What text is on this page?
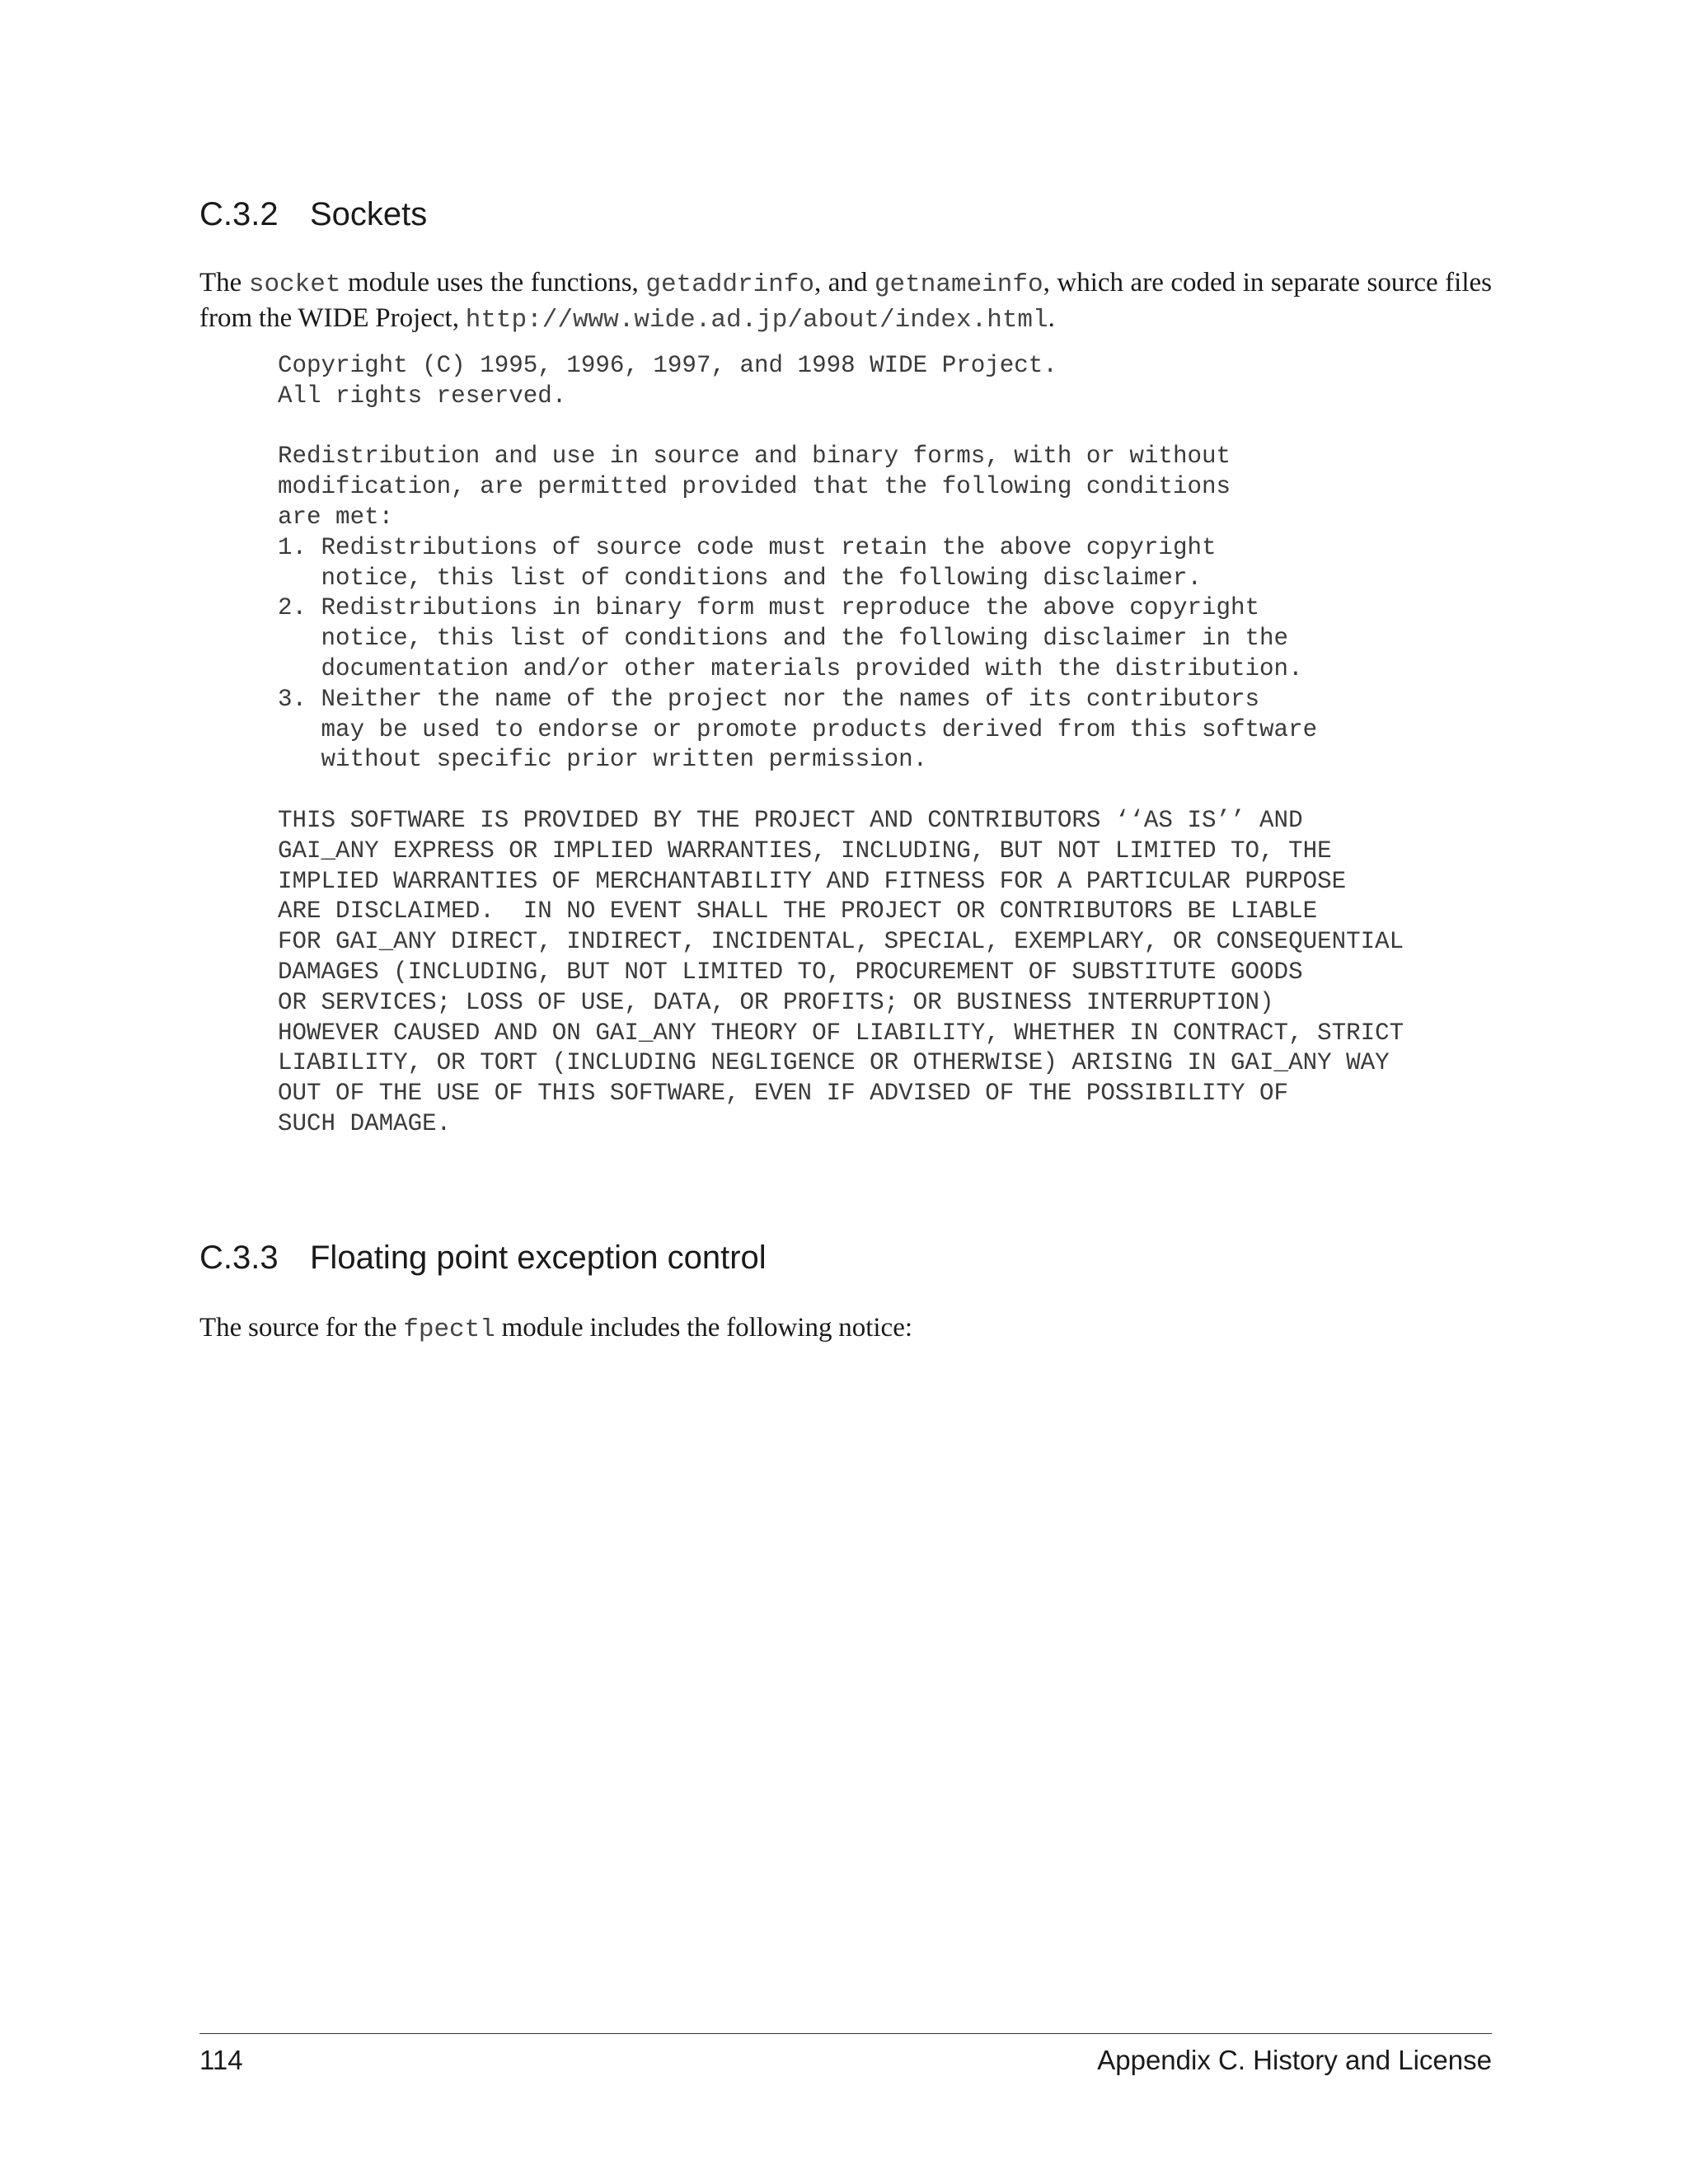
C.3.2 Sockets

The socket module uses the functions, getaddrinfo, and getnameinfo, which are coded in separate source files from the WIDE Project, http://www.wide.ad.jp/about/index.html.

Copyright (C) 1995, 1996, 1997, and 1998 WIDE Project.
All rights reserved.

Redistribution and use in source and binary forms, with or without
modification, are permitted provided that the following conditions
are met:
1. Redistributions of source code must retain the above copyright
notice, this list of conditions and the following disclaimer.
2. Redistributions in binary form must reproduce the above copyright
notice, this list of conditions and the following disclaimer in the
documentation and/or other materials provided with the distribution.
3. Neither the name of the project nor the names of its contributors
may be used to endorse or promote products derived from this software
without specific prior written permission.

THIS SOFTWARE IS PROVIDED BY THE PROJECT AND CONTRIBUTORS ‘‘AS IS’’ AND
GAI_ANY EXPRESS OR IMPLIED WARRANTIES, INCLUDING, BUT NOT LIMITED TO, THE
IMPLIED WARRANTIES OF MERCHANTABILITY AND FITNESS FOR A PARTICULAR PURPOSE
ARE DISCLAIMED.  IN NO EVENT SHALL THE PROJECT OR CONTRIBUTORS BE LIABLE
FOR GAI_ANY DIRECT, INDIRECT, INCIDENTAL, SPECIAL, EXEMPLARY, OR CONSEQUENTIAL
DAMAGES (INCLUDING, BUT NOT LIMITED TO, PROCUREMENT OF SUBSTITUTE GOODS
OR SERVICES; LOSS OF USE, DATA, OR PROFITS; OR BUSINESS INTERRUPTION)
HOWEVER CAUSED AND ON GAI_ANY THEORY OF LIABILITY, WHETHER IN CONTRACT, STRICT
LIABILITY, OR TORT (INCLUDING NEGLIGENCE OR OTHERWISE) ARISING IN GAI_ANY WAY
OUT OF THE USE OF THIS SOFTWARE, EVEN IF ADVISED OF THE POSSIBILITY OF
SUCH DAMAGE.
C.3.3 Floating point exception control

The source for the fpectl module includes the following notice:

114	Appendix C. History and License
